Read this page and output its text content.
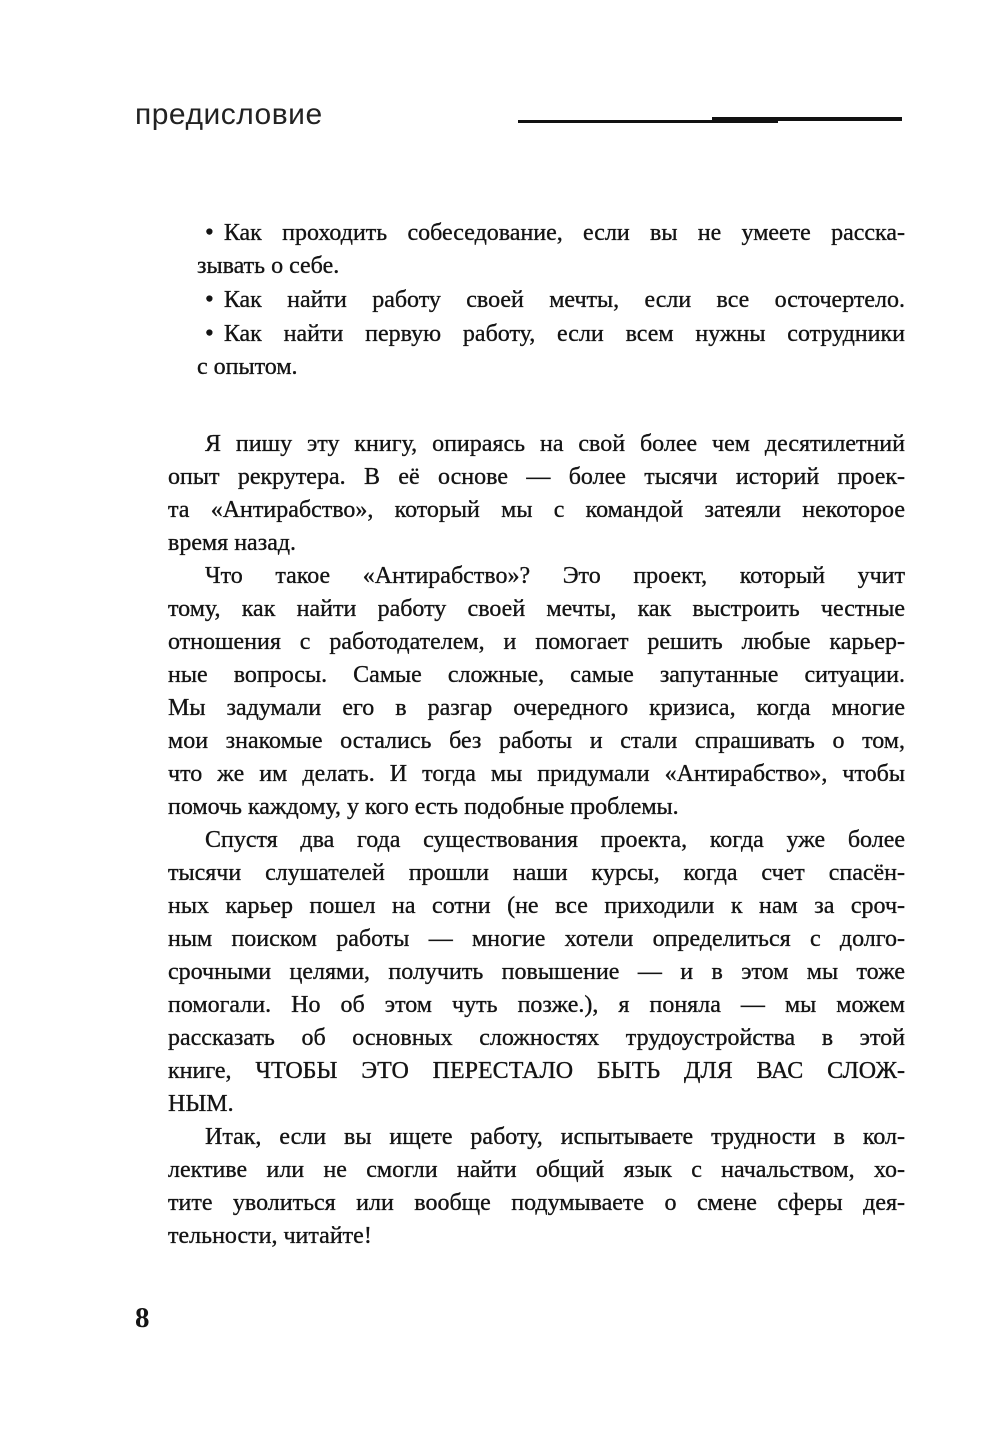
предисловие
• Как проходить собеседование, если вы не умеете расска-
зывать о себе.
• Как найти работу своей мечты, если все осточертело.
• Как найти первую работу, если всем нужны сотрудники
с опытом.
Я пишу эту книгу, опираясь на свой более чем десятилетний
опыт рекрутера. В её основе — более тысячи историй проек-
та «Антирабство», который мы с командой затеяли некоторое
время назад.
Что такое «Антирабство»? Это проект, который учит
тому, как найти работу своей мечты, как выстроить честные
отношения с работодателем, и помогает решить любые карьер-
ные вопросы. Самые сложные, самые запутанные ситуации.
Мы задумали его в разгар очередного кризиса, когда многие
мои знакомые остались без работы и стали спрашивать о том,
что же им делать. И тогда мы придумали «Антирабство», чтобы
помочь каждому, у кого есть подобные проблемы.
Спустя два года существования проекта, когда уже более
тысячи слушателей прошли наши курсы, когда счет спасён-
ных карьер пошел на сотни (не все приходили к нам за сроч-
ным поиском работы — многие хотели определиться с долго-
срочными целями, получить повышение — и в этом мы тоже
помогали. Но об этом чуть позже.), я поняла — мы можем
рассказать об основных сложностях трудоустройства в этой
книге, ЧТОБЫ ЭТО ПЕРЕСТАЛО БЫТЬ ДЛЯ ВАС СЛОЖ-
НЫМ.
Итак, если вы ищете работу, испытываете трудности в кол-
лективе или не смогли найти общий язык с начальством, хо-
тите уволиться или вообще подумываете о смене сферы дея-
тельности, читайте!
8
